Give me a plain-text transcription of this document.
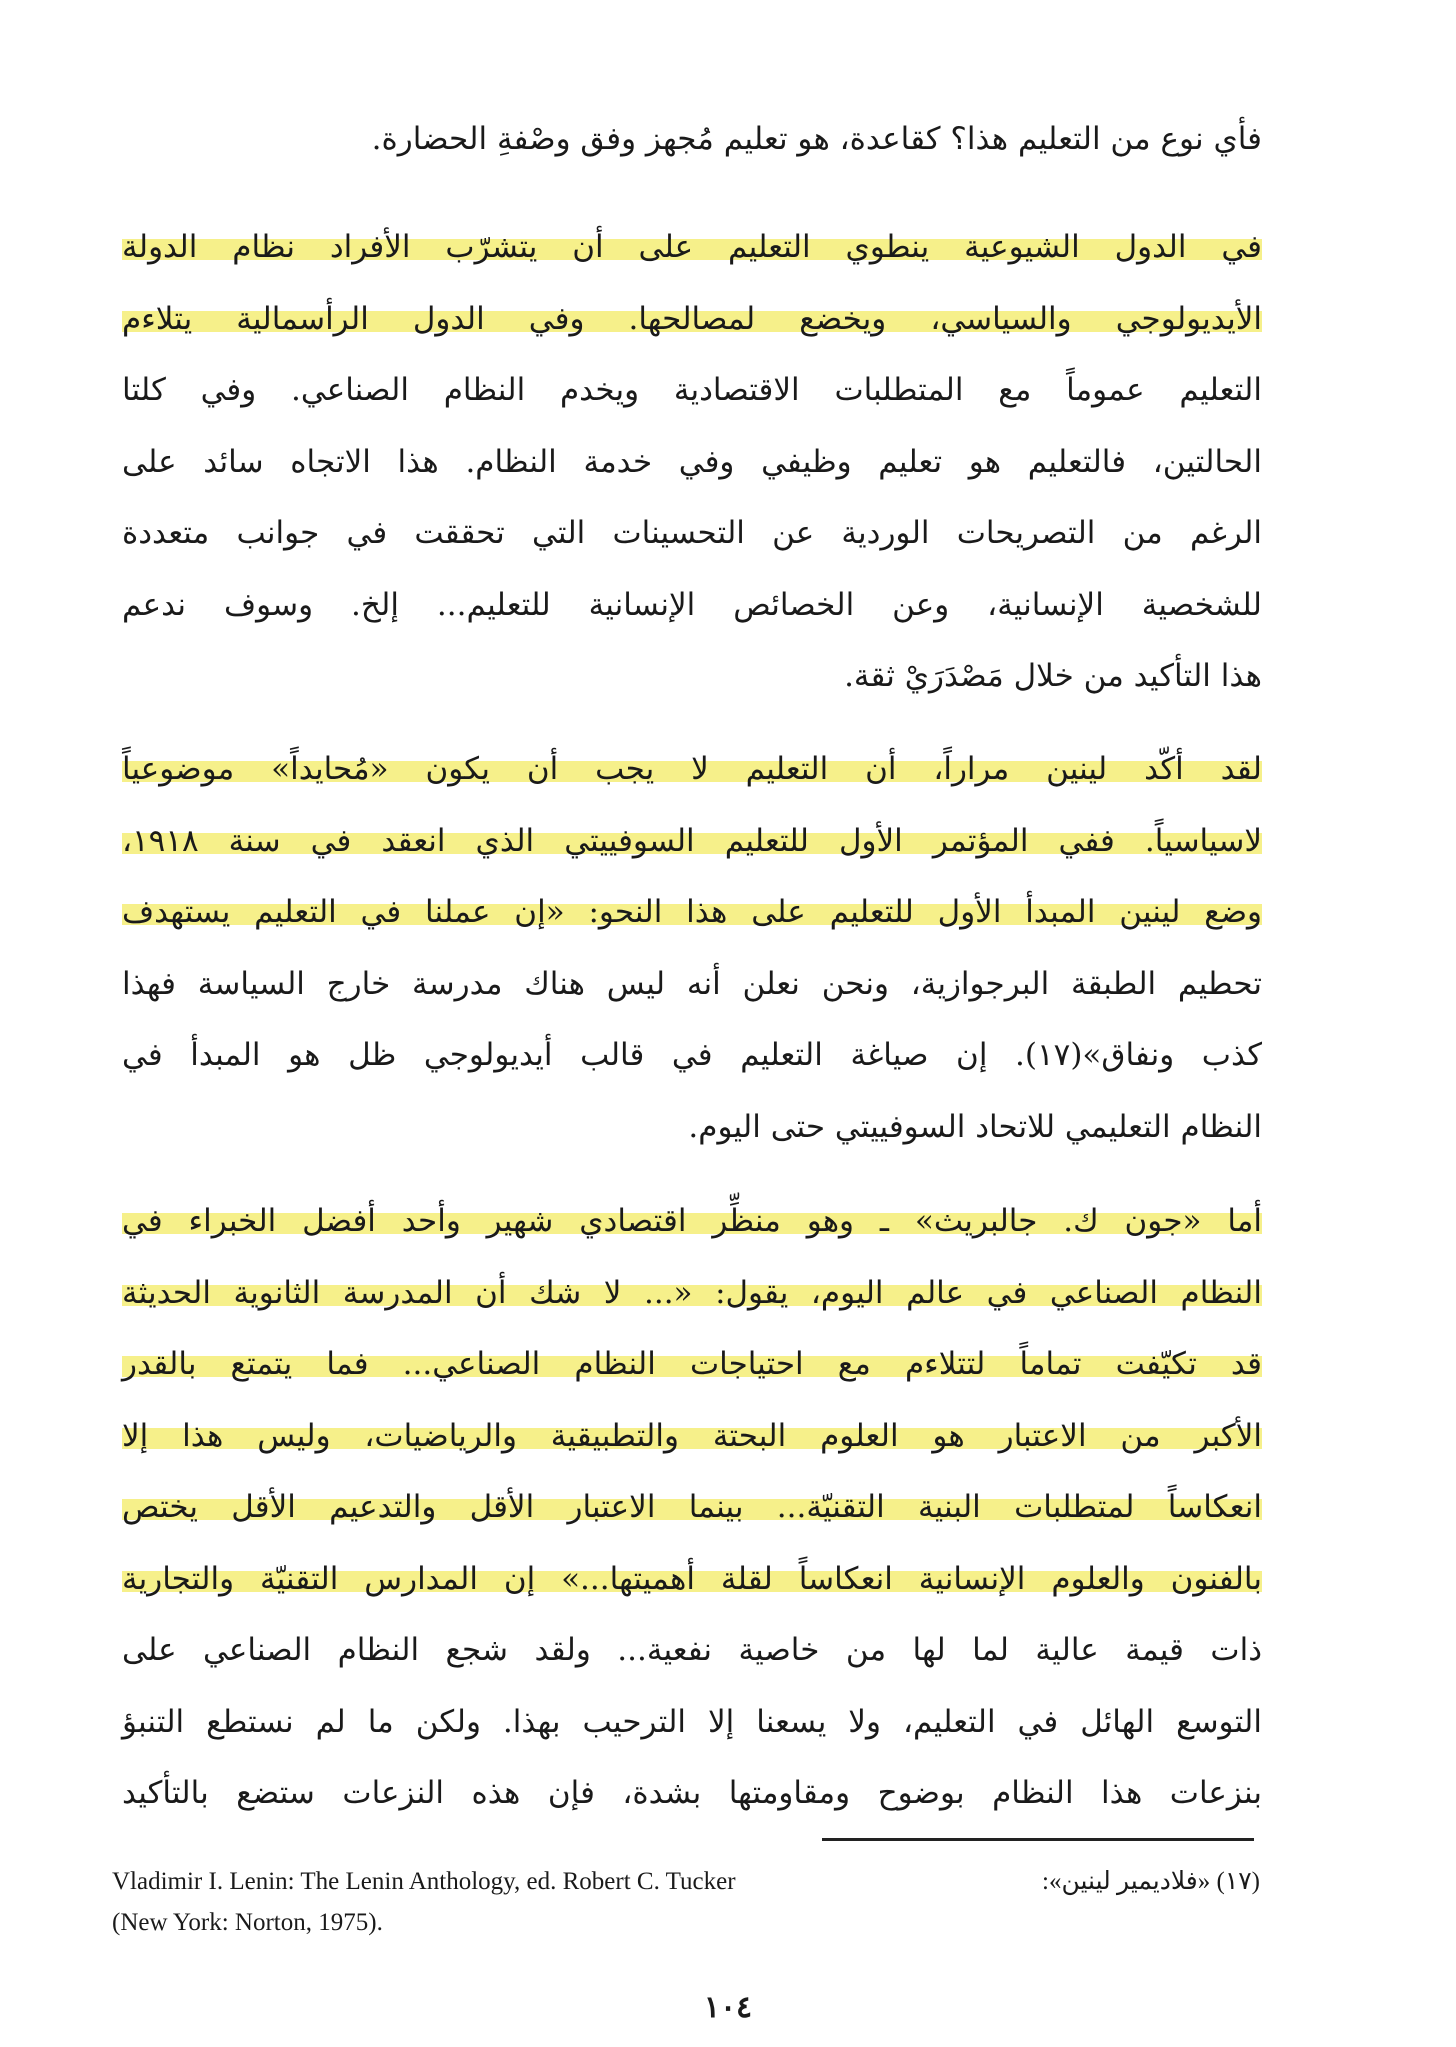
فأي نوع من التعليم هذا؟ كقاعدة، هو تعليم مُجهز وفق وصْفةِ الحضارة.

في الدول الشيوعية ينطوي التعليم على أن يتشرّب الأفراد نظام الدولة
الأيديولوجي والسياسي، ويخضع لمصالحها. وفي الدول الرأسمالية يتلاءم
التعليم عموماً مع المتطلبات الاقتصادية ويخدم النظام الصناعي. وفي كلتا
الحالتين، فالتعليم هو تعليم وظيفي وفي خدمة النظام. هذا الاتجاه سائد على
الرغم من التصريحات الوردية عن التحسينات التي تحققت في جوانب متعددة
للشخصية الإنسانية، وعن الخصائص الإنسانية للتعليم... إلخ. وسوف ندعم
هذا التأكيد من خلال مَصْدَرَيْ ثقة.

لقد أكّد لينين مراراً، أن التعليم لا يجب أن يكون «مُحايداً» موضوعياً
لاسياسياً. ففي المؤتمر الأول للتعليم السوفييتي الذي انعقد في سنة ١٩١٨،
وضع لينين المبدأ الأول للتعليم على هذا النحو: «إن عملنا في التعليم يستهدف
تحطيم الطبقة البرجوازية، ونحن نعلن أنه ليس هناك مدرسة خارج السياسة فهذا
كذب ونفاق»(١٧). إن صياغة التعليم في قالب أيديولوجي ظل هو المبدأ في
النظام التعليمي للاتحاد السوفييتي حتى اليوم.

أما «جون ك. جالبريث» ـ وهو منظِّر اقتصادي شهير وأحد أفضل الخبراء في
النظام الصناعي في عالم اليوم، يقول: «... لا شك أن المدرسة الثانوية الحديثة
قد تكيّفت تماماً لتتلاءم مع احتياجات النظام الصناعي... فما يتمتع بالقدر
الأكبر من الاعتبار هو العلوم البحتة والتطبيقية والرياضيات، وليس هذا إلا
انعكاساً لمتطلبات البنية التقنيّة... بينما الاعتبار الأقل والتدعيم الأقل يختص
بالفنون والعلوم الإنسانية انعكاساً لقلة أهميتها...» إن المدارس التقنيّة والتجارية
ذات قيمة عالية لما لها من خاصية نفعية... ولقد شجع النظام الصناعي على
التوسع الهائل في التعليم، ولا يسعنا إلا الترحيب بهذا. ولكن ما لم نستطع التنبؤ
بنزعات هذا النظام بوضوح ومقاومتها بشدة، فإن هذه النزعات ستضع بالتأكيد

Vladimir I. Lenin: The Lenin Anthology, ed. Robert C. Tucker	(١٧) «فلاديمير لينين»:
(New York: Norton, 1975).
١٠٤
